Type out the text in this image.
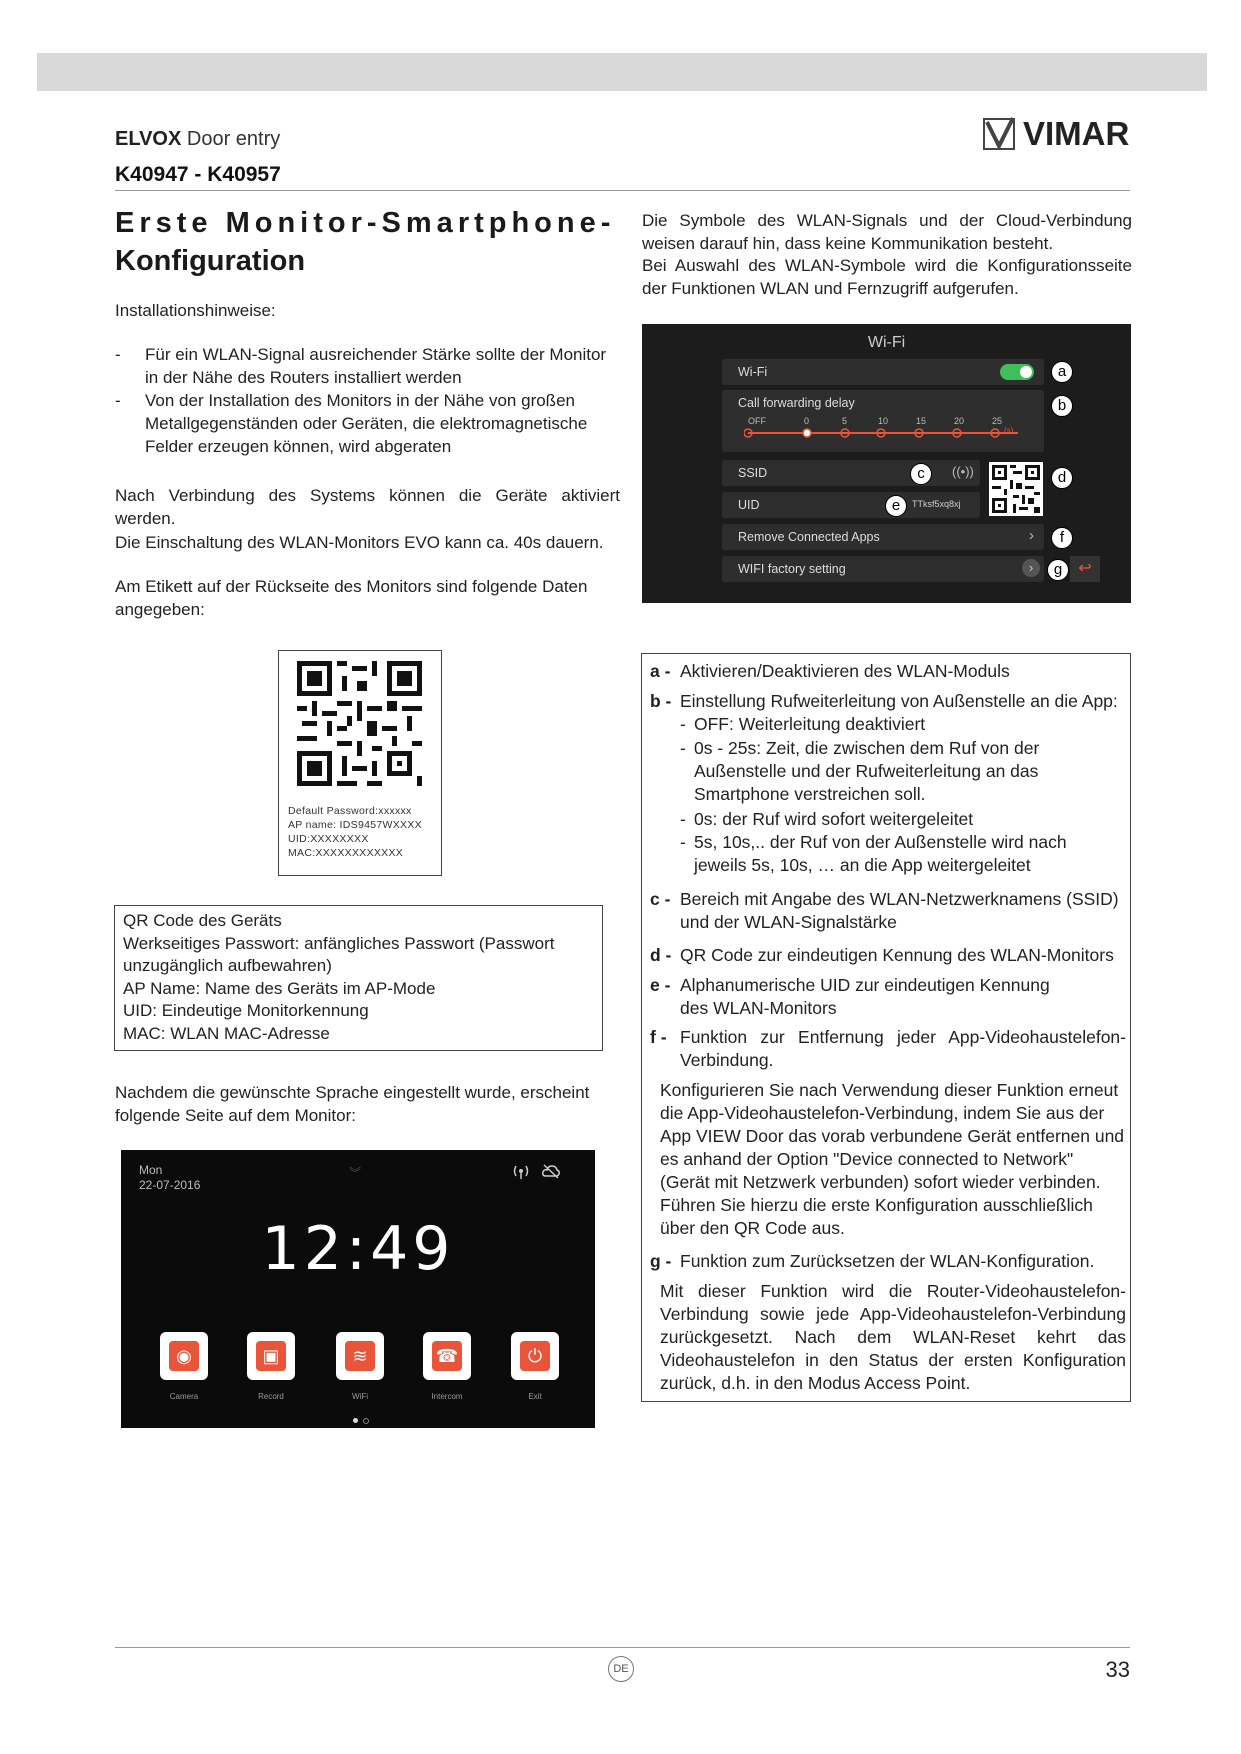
ELVOX Door entry
K40947 - K40957
VIMAR
Erste Monitor-Smartphone-
Konfiguration
Installationshinweise:
-	Für ein WLAN-Signal ausreichender Stärke sollte der Monitor in der Nähe des Routers installiert werden
-	Von der Installation des Monitors in der Nähe von großen Metallgegenständen oder Geräten, die elektromagnetische Felder erzeugen können, wird abgeraten
Nach Verbindung des Systems können die Geräte aktiviert werden.
Die Einschaltung des WLAN-Monitors EVO kann ca. 40s dauern.
Am Etikett auf der Rückseite des Monitors sind folgende Daten angegeben:
Default Password:xxxxxx
AP name: IDS9457WXXXX
UID:XXXXXXXX
MAC:XXXXXXXXXXXX
QR Code des Geräts
Werkseitiges Passwort: anfängliches Passwort (Passwort unzugänglich aufbewahren)
AP Name: Name des Geräts im AP-Mode
UID: Eindeutige Monitorkennung
MAC: WLAN MAC-Adresse
Nachdem die gewünschte Sprache eingestellt wurde, erscheint folgende Seite auf dem Monitor:
Mon
22-07-2016
︾
12:49
◉
Camera
▣
Record
≋
WiFi
☎
Intercom
⏻
Exit
Die Symbole des WLAN-Signals und der Cloud-Verbindung weisen darauf hin, dass keine Kommunikation besteht.
Bei Auswahl des WLAN-Symbole wird die Konfigurationsseite der Funktionen WLAN und Fernzugriff aufgerufen.
Wi-Fi
Wi-Fi
Call forwarding delay
OFF	0	5	10	15	20	25
(s)
SSID	((•))
UID	TTksf5xq8xj
Remove Connected Apps	›
WIFI factory setting	›	↩
a
b
c	d
e
f
g
a - Aktivieren/Deaktivieren des WLAN-Moduls
b - Einstellung Rufweiterleitung von Außenstelle an die App:
- OFF: Weiterleitung deaktiviert
- 0s - 25s: Zeit, die zwischen dem Ruf von der Außenstelle und der Rufweiterleitung an das Smartphone verstreichen soll.
- 0s: der Ruf wird sofort weitergeleitet
- 5s, 10s,.. der Ruf von der Außenstelle wird nach jeweils 5s, 10s, … an die App weitergeleitet
c - Bereich mit Angabe des WLAN-Netzwerknamens (SSID) und der WLAN-Signalstärke
d - QR Code zur eindeutigen Kennung des WLAN-Monitors
e - Alphanumerische UID zur eindeutigen Kennung des WLAN-Monitors
f - Funktion zur Entfernung jeder App-Videohaustelefon-Verbindung.
Konfigurieren Sie nach Verwendung dieser Funktion erneut die App-Videohaustelefon-Verbindung, indem Sie aus der App VIEW Door das vorab verbundene Gerät entfernen und es anhand der Option "Device connected to Network" (Gerät mit Netzwerk verbunden) sofort wieder verbinden. Führen Sie hierzu die erste Konfiguration ausschließlich über den QR Code aus.
g - Funktion zum Zurücksetzen der WLAN-Konfiguration.
Mit dieser Funktion wird die Router-Videohaustelefon-Verbindung sowie jede App-Videohaustelefon-Verbindung zurückgesetzt. Nach dem WLAN-Reset kehrt das Videohaustelefon in den Status der ersten Konfiguration zurück, d.h. in den Modus Access Point.
DE	33
